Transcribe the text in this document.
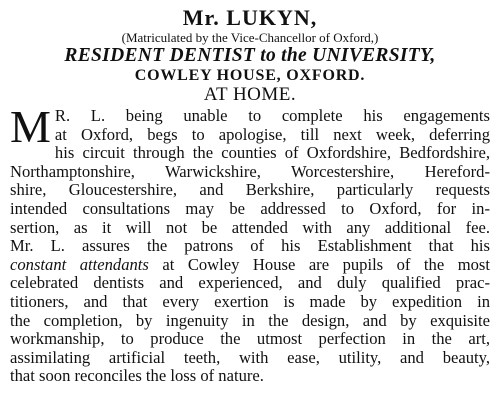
Mr. LUKYN,

(Matriculated by the Vice-Chancellor of Oxford,)

RESIDENT DENTIST to the UNIVERSITY,

COWLEY HOUSE, OXFORD.

AT HOME.

M R. L. being unable to complete his engagements
at Oxford, begs to apologise, till next week, deferring
his circuit through the counties of Oxfordshire, Bedfordshire,
Northamptonshire, Warwickshire, Worcestershire, Hereford-
shire, Gloucestershire, and Berkshire, particularly requests
intended consultations may be addressed to Oxford, for in-
sertion, as it will not be attended with any additional fee.
Mr. L. assures the patrons of his Establishment that his
constant attendants at Cowley House are pupils of the most
celebrated dentists and experienced, and duly qualified prac-
titioners, and that every exertion is made by expedition in
the completion, by ingenuity in the design, and by exquisite
workmanship, to produce the utmost perfection in the art,
assimilating artificial teeth, with ease, utility, and beauty,
that soon reconciles the loss of nature.
